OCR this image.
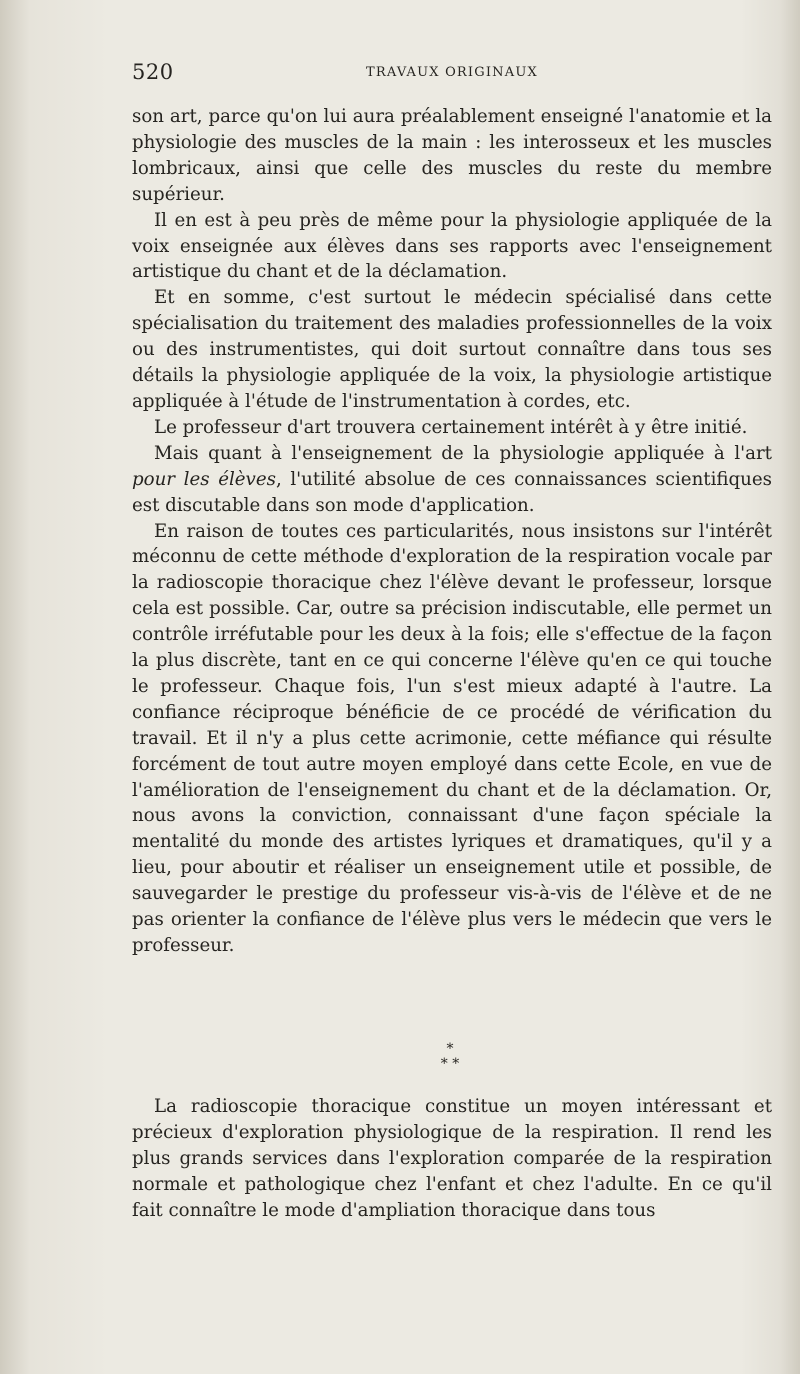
520	TRAVAUX ORIGINAUX

son art, parce qu'on lui aura préalablement enseigné l'anatomie et la physiologie des muscles de la main : les interosseux et les muscles lombricaux, ainsi que celle des muscles du reste du membre supérieur.

Il en est à peu près de même pour la physiologie appliquée de la voix enseignée aux élèves dans ses rapports avec l'enseignement artistique du chant et de la déclamation.

Et en somme, c'est surtout le médecin spécialisé dans cette spécialisation du traitement des maladies professionnelles de la voix ou des instrumentistes, qui doit surtout connaître dans tous ses détails la physiologie appliquée de la voix, la physiologie artistique appliquée à l'étude de l'instrumentation à cordes, etc.

Le professeur d'art trouvera certainement intérêt à y être initié.

Mais quant à l'enseignement de la physiologie appliquée à l'art pour les élèves, l'utilité absolue de ces connaissances scientifiques est discutable dans son mode d'application.

En raison de toutes ces particularités, nous insistons sur l'intérêt méconnu de cette méthode d'exploration de la respiration vocale par la radioscopie thoracique chez l'élève devant le professeur, lorsque cela est possible. Car, outre sa précision indiscutable, elle permet un contrôle irréfutable pour les deux à la fois; elle s'effectue de la façon la plus discrète, tant en ce qui concerne l'élève qu'en ce qui touche le professeur. Chaque fois, l'un s'est mieux adapté à l'autre. La confiance réciproque bénéficie de ce procédé de vérification du travail. Et il n'y a plus cette acrimonie, cette méfiance qui résulte forcément de tout autre moyen employé dans cette Ecole, en vue de l'amélioration de l'enseignement du chant et de la déclamation. Or, nous avons la conviction, connaissant d'une façon spéciale la mentalité du monde des artistes lyriques et dramatiques, qu'il y a lieu, pour aboutir et réaliser un enseignement utile et possible, de sauvegarder le prestige du professeur vis-à-vis de l'élève et de ne pas orienter la confiance de l'élève plus vers le médecin que vers le professeur.

*
* *

La radioscopie thoracique constitue un moyen intéressant et précieux d'exploration physiologique de la respiration. Il rend les plus grands services dans l'exploration comparée de la respiration normale et pathologique chez l'enfant et chez l'adulte. En ce qu'il fait connaître le mode d'ampliation thoracique dans tous
